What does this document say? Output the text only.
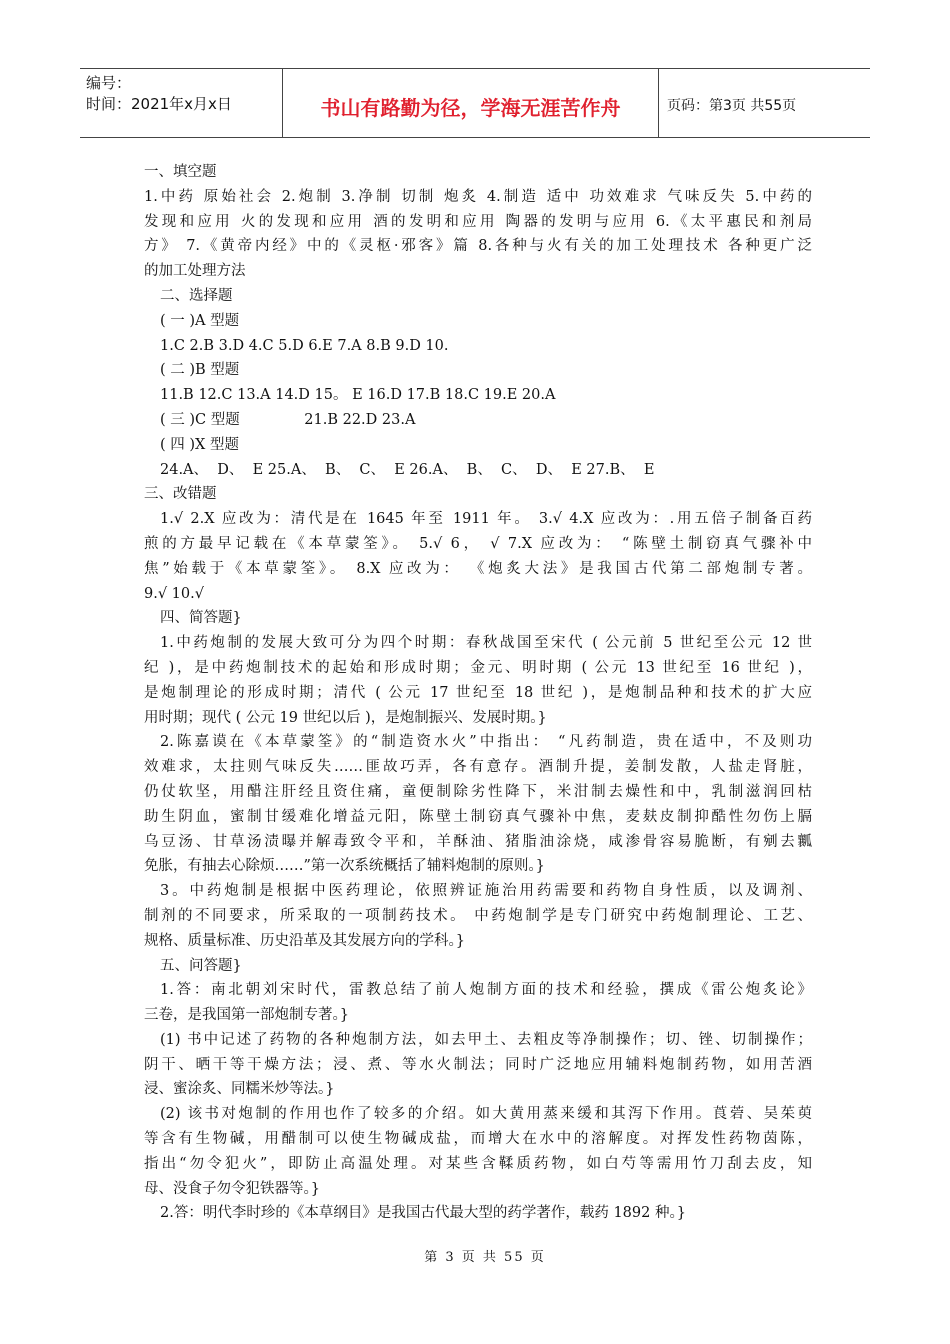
编号：
时间：2021年x月x日	书山有路勤为径，学海无涯苦作舟	页码：第3页 共55页
一、填空题
1.中药 原始社会 2.炮制 3.净制 切制 炮炙 4.制造 适中 功效难求 气味反失 5.中药的
发现和应用 火的发现和应用 酒的发明和应用 陶器的发明与应用 6.《太平惠民和剂局
方》 7.《黄帝内经》中的《灵枢·邪客》篇 8.各种与火有关的加工处理技术 各种更广泛
的加工处理方法
二、选择题
( 一 )A 型题
1.C 2.B 3.D 4.C 5.D 6.E 7.A 8.B 9.D 10.
( 二 )B 型题
11.B 12.C 13.A 14.D 15。 E 16.D 17.B 18.C 19.E 20.A
( 三 )C 型题              21.B 22.D 23.A
( 四 )X 型题
24.A、  D、  E 25.A、  B、  C、  E 26.A、  B、  C、  D、  E 27.B、  E
三、改错题
1.√ 2.X 应改为：清代是在 1645 年至 1911 年。 3.√ 4.X 应改为：.用五倍子制备百药
煎的方最早记载在《本草蒙筌》。 5.√ 6， √ 7.X 应改为： “陈壁土制窃真气骤补中
焦”始载于《本草蒙筌》。 8.X 应改为： 《炮炙大法》是我国古代第二部炮制专著。
9.√ 10.√
四、简答题}
1.中药炮制的发展大致可分为四个时期：春秋战国至宋代 ( 公元前 5 世纪至公元 12 世
纪 )，是中药炮制技术的起始和形成时期；金元、明时期 ( 公元 13 世纪至 16 世纪 )，
是炮制理论的形成时期；清代 ( 公元 17 世纪至 18 世纪 )，是炮制品种和技术的扩大应
用时期；现代 ( 公元 19 世纪以后 )，是炮制振兴、发展时期。}
2.陈嘉谟在《本草蒙筌》的“制造资水火”中指出： “凡药制造，贵在适中，不及则功
效难求，太拄则气味反失……匪故巧弄，各有意存。酒制升提，姜制发散，人盐走肾脏，
仍仗软坚，用醋注肝经且资住痛，童便制除劣性降下，米泔制去燥性和中，乳制滋润回枯
助生阴血，蜜制甘缓难化增益元阳，陈壁土制窃真气骤补中焦，麦麸皮制抑酷性勿伤上膈
乌豆汤、甘草汤渍曝并解毒致令平和，羊酥油、猪脂油涂烧，咸渗骨容易脆断，有剜去瓤
免胀，有抽去心除烦……”第一次系统概括了辅料炮制的原则。}
3。中药炮制是根据中医药理论，依照辨证施治用药需要和药物自身性质，以及调剂、
制剂的不同要求，所采取的一项制药技术。 中药炮制学是专门研究中药炮制理论、工艺、
规格、质量标准、历史沿革及其发展方向的学科。}
五、问答题}
1.答：南北朝刘宋时代，雷教总结了前人炮制方面的技术和经验，撰成《雷公炮炙论》
三卷，是我国第一部炮制专著。}
(1) 书中记述了药物的各种炮制方法，如去甲土、去粗皮等净制操作；切、锉、切制操作；
阴干、晒干等干燥方法；浸、煮、等水火制法；同时广泛地应用辅料炮制药物，如用苦酒
浸、蜜涂炙、同糯米炒等法。}
(2) 该书对炮制的作用也作了较多的介绍。如大黄用蒸来缓和其泻下作用。莨菪、吴茱萸
等含有生物碱，用醋制可以使生物碱成盐，而增大在水中的溶解度。对挥发性药物茵陈，
指出“勿令犯火”，即防止高温处理。对某些含鞣质药物，如白芍等需用竹刀刮去皮，知
母、没食子勿令犯铁器等。}
2.答：明代李时珍的《本草纲目》是我国古代最大型的药学著作，载药 1892 种。}
第 3 页 共 55 页
